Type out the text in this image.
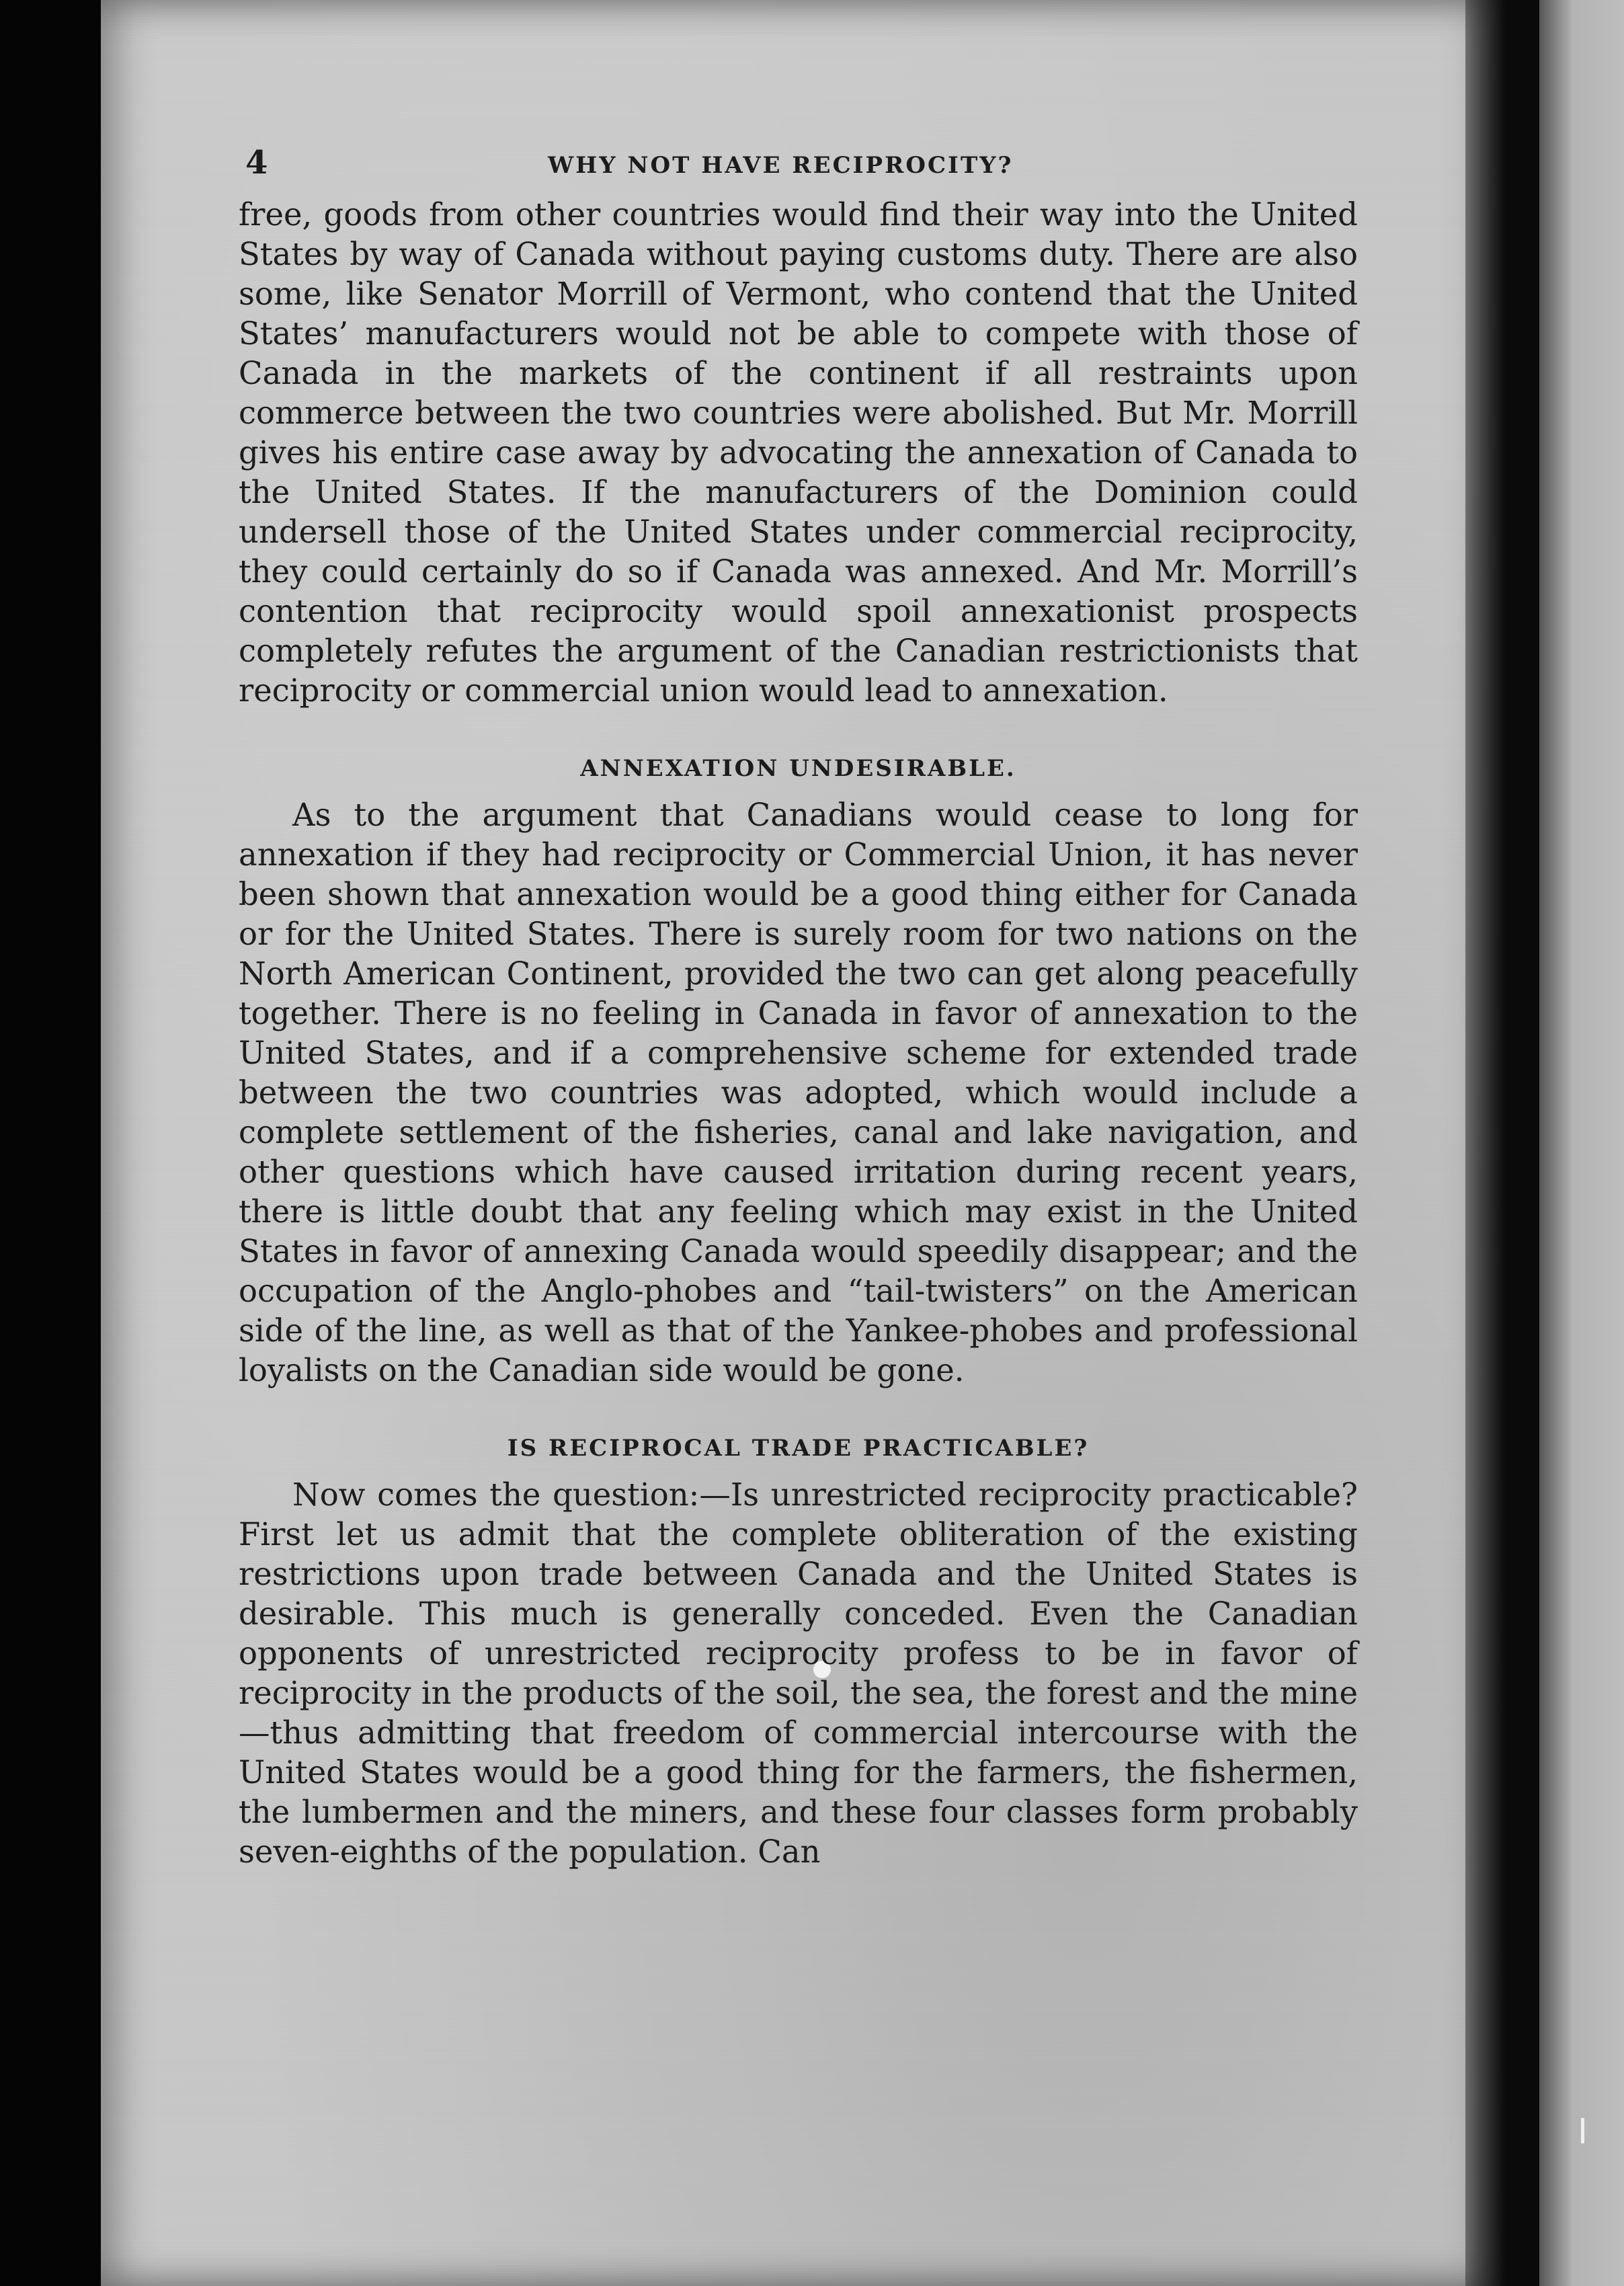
4	WHY NOT HAVE RECIPROCITY?

free, goods from other countries would find their way into the United States by way of Canada without paying customs duty. There are also some, like Senator Morrill of Vermont, who contend that the United States’ manufacturers would not be able to compete with those of Canada in the markets of the continent if all restraints upon commerce between the two countries were abolished. But Mr. Morrill gives his entire case away by advocating the annexation of Canada to the United States. If the manufacturers of the Dominion could undersell those of the United States under commercial reciprocity, they could certainly do so if Canada was annexed. And Mr. Morrill’s contention that reciprocity would spoil annexationist prospects completely refutes the argument of the Canadian restrictionists that reciprocity or commercial union would lead to annexation.

ANNEXATION UNDESIRABLE.

As to the argument that Canadians would cease to long for annexation if they had reciprocity or Commercial Union, it has never been shown that annexation would be a good thing either for Canada or for the United States. There is surely room for two nations on the North American Continent, provided the two can get along peacefully together. There is no feeling in Canada in favor of annexation to the United States, and if a comprehensive scheme for extended trade between the two countries was adopted, which would include a complete settlement of the fisheries, canal and lake navigation, and other questions which have caused irritation during recent years, there is little doubt that any feeling which may exist in the United States in favor of annexing Canada would speedily disappear; and the occupation of the Anglo-phobes and “tail-twisters” on the American side of the line, as well as that of the Yankee-phobes and professional loyalists on the Canadian side would be gone.

IS RECIPROCAL TRADE PRACTICABLE?

Now comes the question:—Is unrestricted reciprocity practicable? First let us admit that the complete obliteration of the existing restrictions upon trade between Canada and the United States is desirable. This much is generally conceded. Even the Canadian opponents of unrestricted reciprocity profess to be in favor of reciprocity in the products of the soil, the sea, the forest and the mine—thus admitting that freedom of commercial intercourse with the United States would be a good thing for the farmers, the fishermen, the lumbermen and the miners, and these four classes form probably seven-eighths of the population. Can
